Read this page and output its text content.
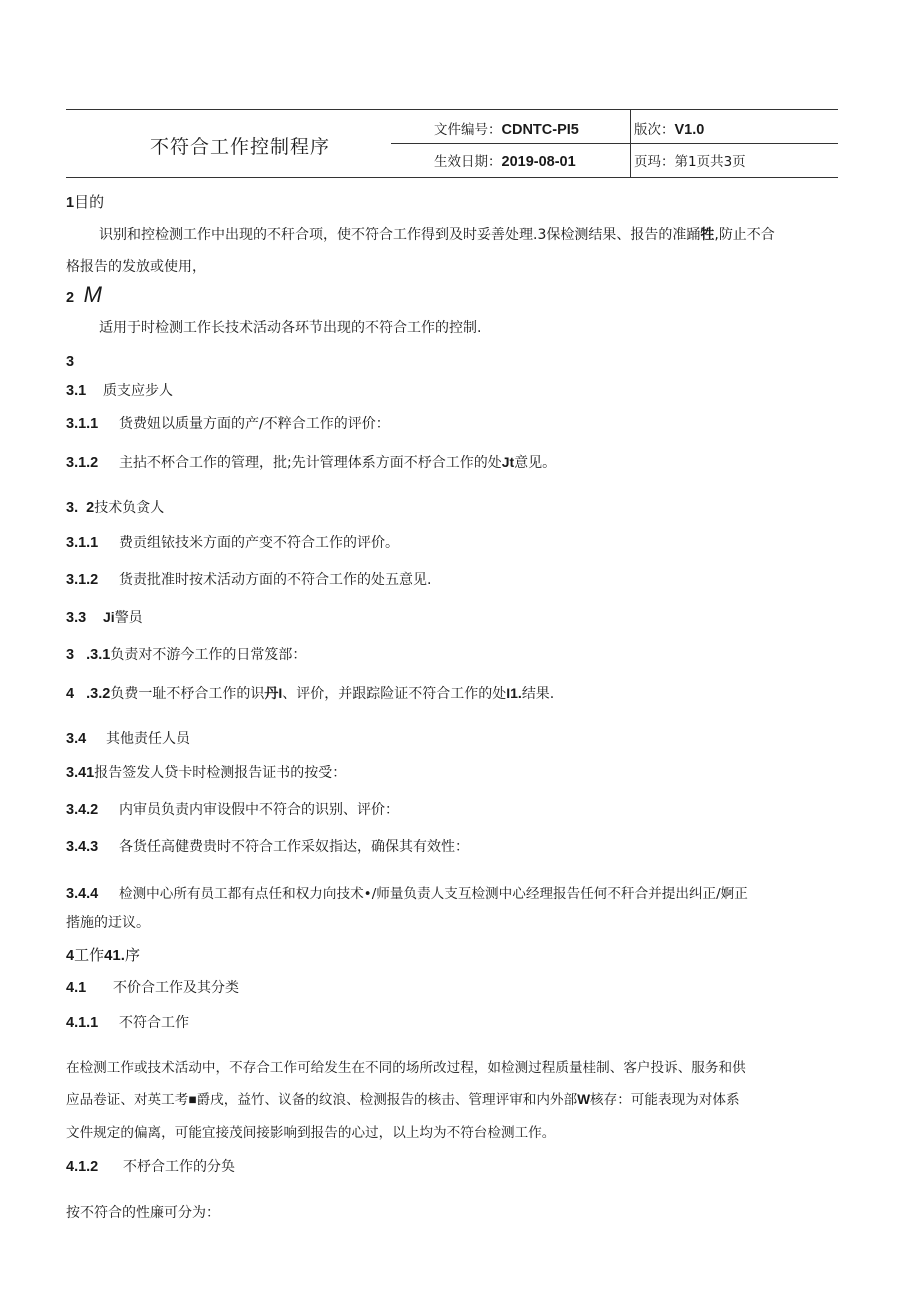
不符合工作控制程序
文件编号：CDNTC-PI5
生效日期：2019-08-01
版次：V1.0
页玛：第1页共3页
1目的
识别和控检测工作中出现的不秆合项，使不符合工作得到及时妥善处理.3保检测结果、报告的准踊牲,防止不合
格报告的发放或使用，
2 M
适用于时检测工作长技术活动各环节出现的不符合工作的控制.
3
3.1 质支应步人
3.1.1 货费妞以质量方面的产/不粹合工作的评价：
3.1.2 主拈不杯合工作的管理，批;先计管理体系方面不杼合工作的处Jt意见。
3.  2技术负贪人
3.1.1 费贡组铱技米方面的产变不符合工作的评价。
3.1.2 货责批准时按术活动方面的不符合工作的处五意见.
3.3 Ji警员
3   .3.1负责对不游今工作的日常笈部：
4   .3.2负费一耻不杼合工作的识丹I、评价，并跟踪险证不符合工作的处I1.结果.
3.4 其他责任人员
3.41报告签发人贷卡时检测报告证书的按受：
3.4.2 内审员负责内审设假中不符合的识别、评价：
3.4.3 各货任高健费贵时不符合工作采奴指达，确保其有效性：
3.4.4 检测中心所有员工都有点任和权力向技术•/师量负责人支互检测中心经理报告任何不秆合并提出纠正/婀正
揩施的迂议。
4工作41.序
4.1 不价合工作及其分类
4.1.1 不符合工作
在检测工作或技术活动中，不存合工作可给发生在不同的场所改过程，如检测过程质量桂制、客户投诉、服务和供
应品卷证、对英工考■爵戌，益竹、议备的纹浪、检测报告的核击、管理评审和内外部W核存：可能表现为对体系
文件规定的偏离，可能宜接茂间接影响到报告的心过，以上均为不符台检测工作。
4.1.2 不杼合工作的分奂
按不符合的性廉可分为：
